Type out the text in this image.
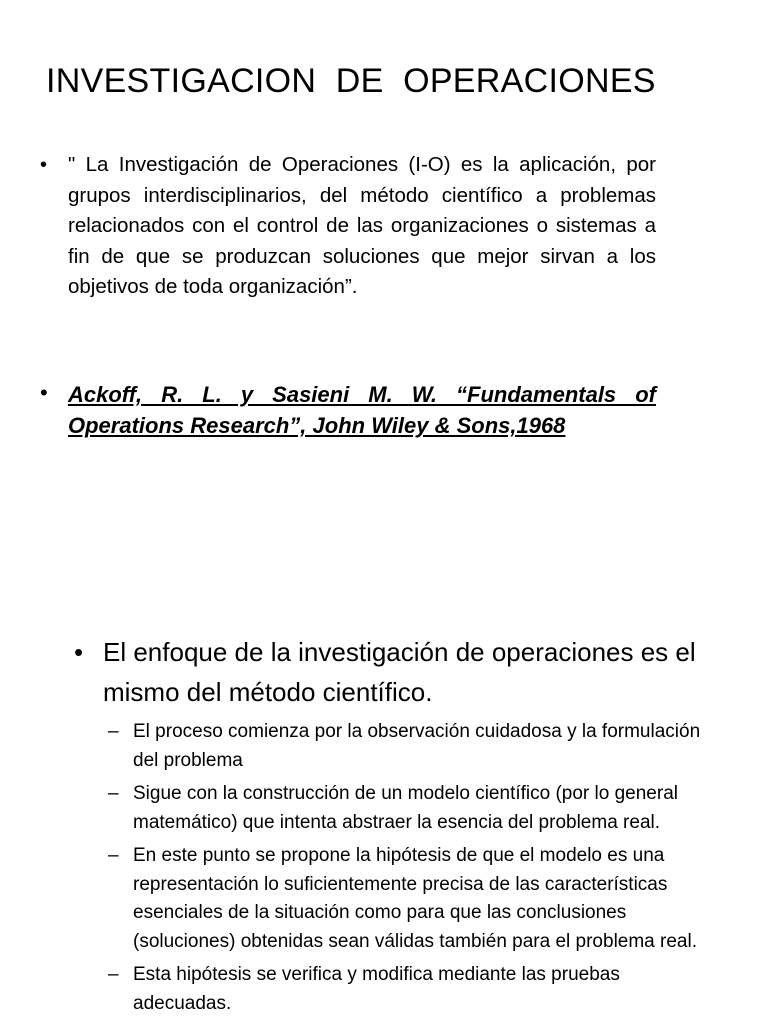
INVESTIGACION  DE  OPERACIONES
•	" La Investigación de Operaciones (I-O) es la aplicación, por grupos interdisciplinarios, del método científico a problemas relacionados con el control de las organizaciones o sistemas a fin de que se produzcan soluciones que mejor sirvan a los objetivos de toda organización”.

• Ackoff, R. L. y Sasieni M. W. “Fundamentals of Operations Research”, John Wiley & Sons,1968

• El enfoque de la investigación de operaciones es el mismo del método científico.

– El proceso comienza por la observación cuidadosa y la formulación del problema

– Sigue con la construcción de un modelo científico (por lo general matemático) que intenta abstraer la esencia del problema real.

– En este punto se propone la hipótesis de que el modelo es una representación lo suficientemente precisa de las características esenciales de la situación como para que las conclusiones (soluciones) obtenidas sean válidas también para el problema real.

– Esta hipótesis se verifica y modifica mediante las pruebas adecuadas.
